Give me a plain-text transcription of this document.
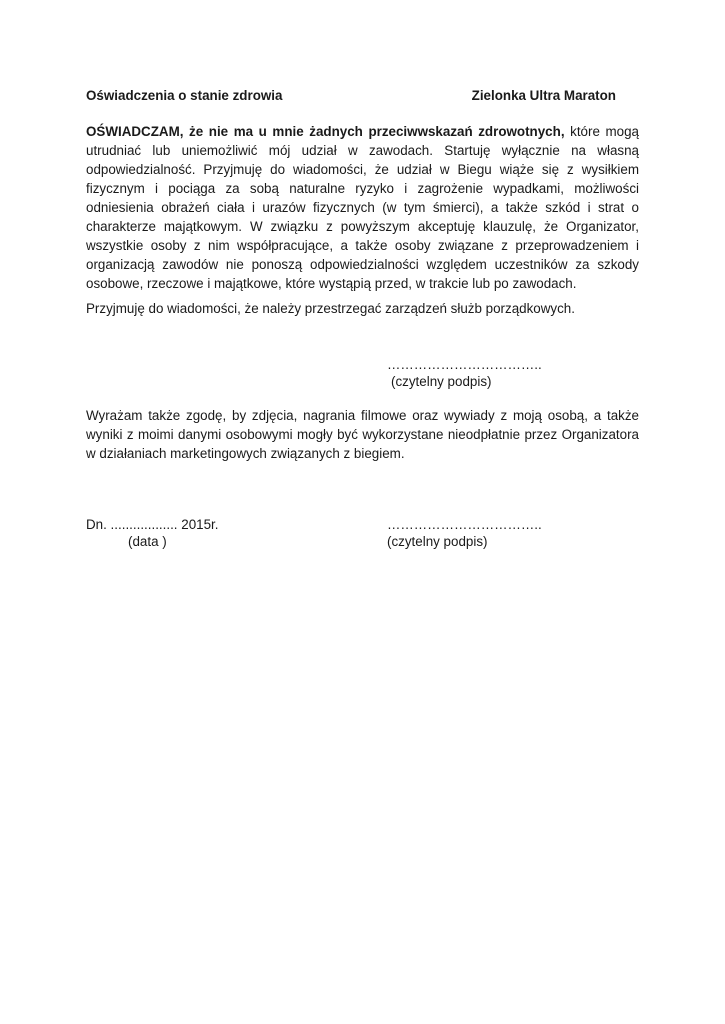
Oświadczenia o stanie zdrowia	Zielonka Ultra Maraton

OŚWIADCZAM, że nie ma u mnie żadnych przeciwwskazań zdrowotnych, które mogą utrudniać lub uniemożliwić mój udział w zawodach. Startuję wyłącznie na własną odpowiedzialność. Przyjmuję do wiadomości, że udział w Biegu wiąże się z wysiłkiem fizycznym i pociąga za sobą naturalne ryzyko i zagrożenie wypadkami, możliwości odniesienia obrażeń ciała i urazów fizycznych (w tym śmierci), a także szkód i strat o charakterze majątkowym. W związku z powyższym akceptuję klauzulę, że Organizator, wszystkie osoby z nim współpracujące, a także osoby związane z przeprowadzeniem i organizacją zawodów nie ponoszą odpowiedzialności względem uczestników za szkody osobowe, rzeczowe i majątkowe, które wystąpią przed, w trakcie lub po zawodach.

Przyjmuję do wiadomości, że należy przestrzegać zarządzeń służb porządkowych.

……………………………..
(czytelny podpis)

Wyrażam także zgodę, by zdjęcia, nagrania filmowe oraz wywiady z moją osobą, a także wyniki z moimi danymi osobowymi mogły być wykorzystane nieodpłatnie przez Organizatora w działaniach marketingowych związanych z biegiem.

Dn. .................. 2015r.
(data )
……………………………..
(czytelny podpis)
